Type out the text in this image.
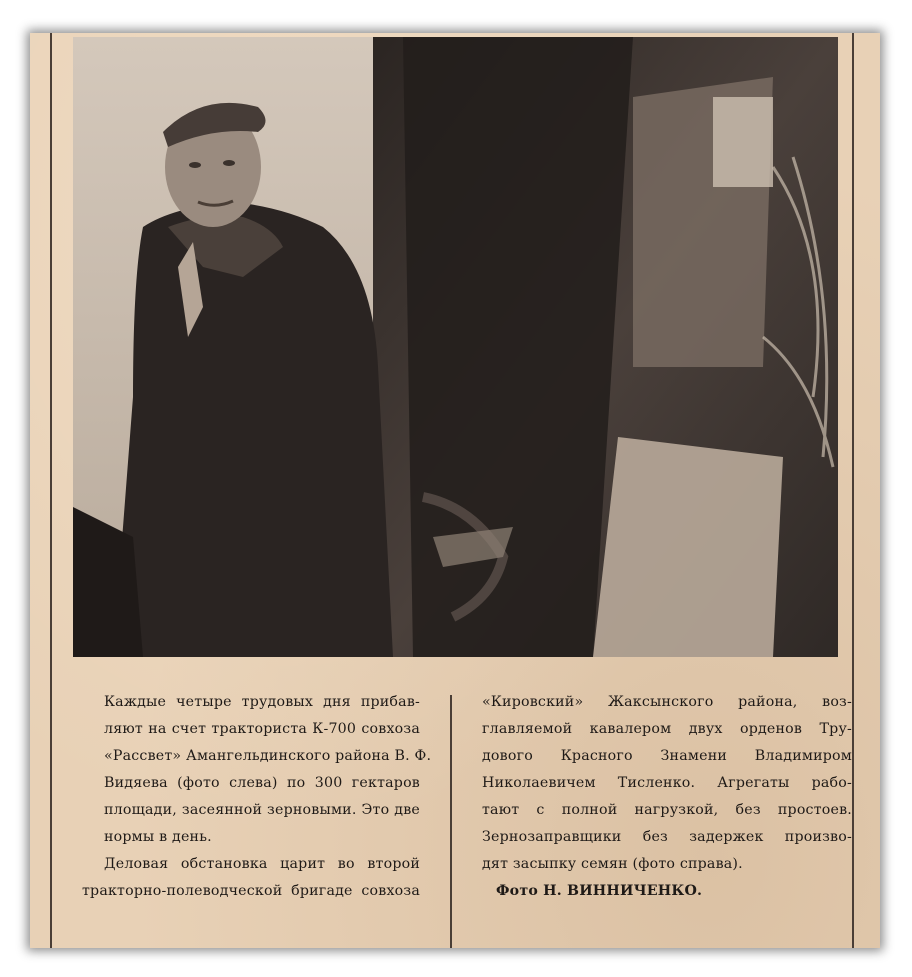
Каждые четыре трудовых дня прибав-
ляют на счет тракториста К-700 совхоза
«Рассвет» Амангельдинского района В. Ф.
Видяева (фото слева) по 300 гектаров
площади, засеянной зерновыми. Это две
нормы в день.

Деловая обстановка царит во второй
тракторно-полеводческой бригаде совхоза

«Кировский» Жаксынского района, воз-
главляемой кавалером двух орденов Тру-
дового Красного Знамени Владимиром
Николаевичем Тисленко. Агрегаты рабо-
тают с полной нагрузкой, без простоев.
Зернозаправщики без задержек произво-
дят засыпку семян (фото справа).

Фото Н. ВИННИЧЕНКО.
